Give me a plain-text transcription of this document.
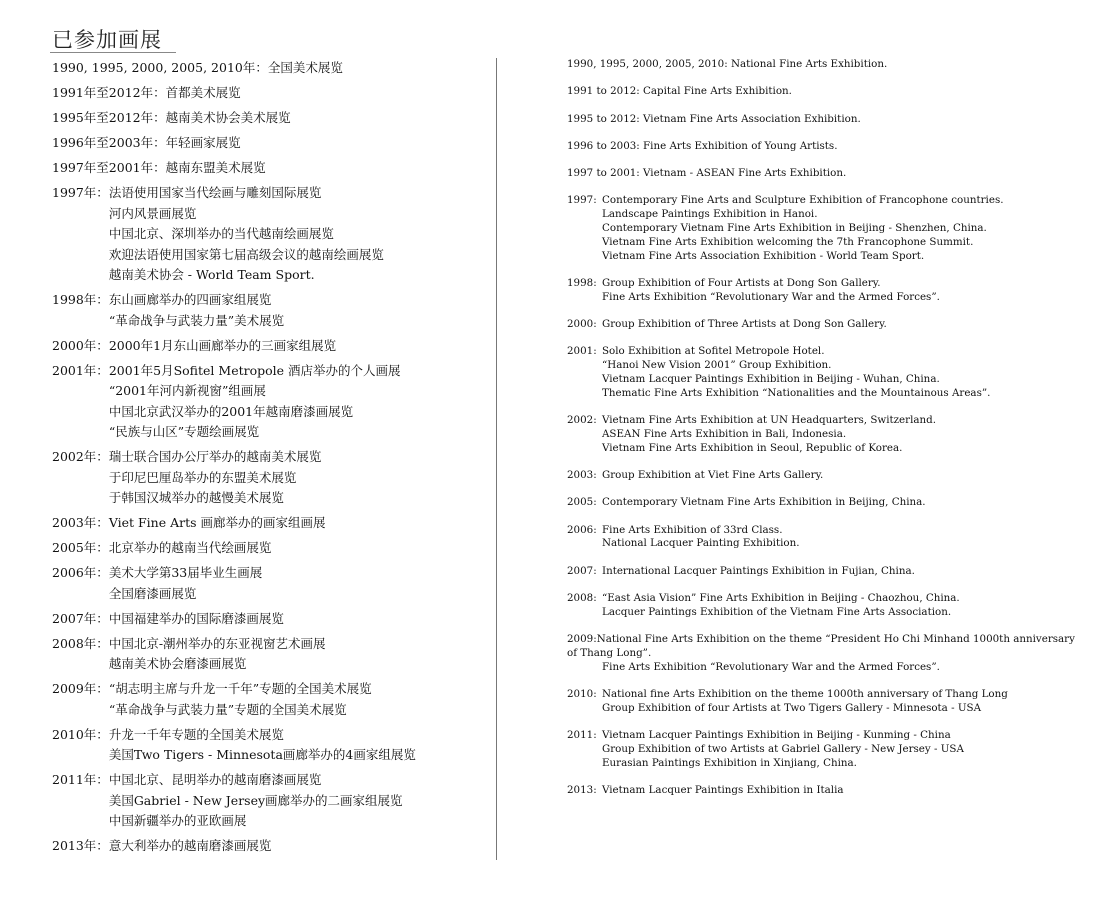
已参加画展
1990, 1995, 2000, 2005, 2010年： 全国美术展览
1991年至2012年： 首都美术展览
1995年至2012年： 越南美术协会美术展览
1996年至2003年： 年轻画家展览
1997年至2001年： 越南东盟美术展览
1997年： 法语使用国家当代绘画与雕刻国际展览
河内风景画展览
中国北京、深圳举办的当代越南绘画展览
欢迎法语使用国家第七届高级会议的越南绘画展览
越南美术协会 - World Team Sport.
1998年： 东山画廊举办的四画家组展览
“革命战争与武装力量”美术展览
2000年： 2000年1月东山画廊举办的三画家组展览
2001年： 2001年5月Sofitel Metropole 酒店举办的个人画展
“2001年河内新视窗”组画展
中国北京武汉举办的2001年越南磨漆画展览
“民族与山区”专题绘画展览
2002年： 瑞士联合国办公厅举办的越南美术展览
于印尼巴厘岛举办的东盟美术展览
于韩国汉城举办的越慢美术展览
2003年： Viet Fine Arts 画廊举办的画家组画展
2005年： 北京举办的越南当代绘画展览
2006年： 美术大学第33届毕业生画展
全国磨漆画展览
2007年： 中国福建举办的国际磨漆画展览
2008年： 中国北京-潮州举办的东亚视窗艺术画展
越南美术协会磨漆画展览
2009年： “胡志明主席与升龙一千年”专题的全国美术展览
“革命战争与武装力量”专题的全国美术展览
2010年： 升龙一千年专题的全国美术展览
美国Two Tigers - Minnesota画廊举办的4画家组展览
2011年： 中国北京、昆明举办的越南磨漆画展览
美国Gabriel - New Jersey画廊举办的二画家组展览
中国新疆举办的亚欧画展
2013年： 意大利举办的越南磨漆画展览
1990, 1995, 2000, 2005, 2010: National Fine Arts Exhibition.
1991 to 2012: Capital Fine Arts Exhibition.
1995 to 2012: Vietnam Fine Arts Association Exhibition.
1996 to 2003: Fine Arts Exhibition of Young Artists.
1997 to 2001: Vietnam - ASEAN Fine Arts Exhibition.
1997: Contemporary Fine Arts and Sculpture Exhibition of Francophone countries.
Landscape Paintings Exhibition in Hanoi.
Contemporary Vietnam Fine Arts Exhibition in Beijing - Shenzhen, China.
Vietnam Fine Arts Exhibition welcoming the 7th Francophone Summit.
Vietnam Fine Arts Association Exhibition - World Team Sport.
1998: Group Exhibition of Four Artists at Dong Son Gallery.
Fine Arts Exhibition “Revolutionary War and the Armed Forces”.
2000: Group Exhibition of Three Artists at Dong Son Gallery.
2001: Solo Exhibition at Sofitel Metropole Hotel.
“Hanoi New Vision 2001” Group Exhibition.
Vietnam Lacquer Paintings Exhibition in Beijing - Wuhan, China.
Thematic Fine Arts Exhibition “Nationalities and the Mountainous Areas”.
2002: Vietnam Fine Arts Exhibition at UN Headquarters, Switzerland.
ASEAN Fine Arts Exhibition in Bali, Indonesia.
Vietnam Fine Arts Exhibition in Seoul, Republic of Korea.
2003: Group Exhibition at Viet Fine Arts Gallery.
2005: Contemporary Vietnam Fine Arts Exhibition in Beijing, China.
2006: Fine Arts Exhibition of 33rd Class.
National Lacquer Painting Exhibition.
2007: International Lacquer Paintings Exhibition in Fujian, China.
2008: “East Asia Vision” Fine Arts Exhibition in Beijing - Chaozhou, China.
Lacquer Paintings Exhibition of the Vietnam Fine Arts Association.
2009:National Fine Arts Exhibition on the theme “President Ho Chi Minhand 1000th anniversary of Thang Long”.
Fine Arts Exhibition “Revolutionary War and the Armed Forces”.
2010: National fine Arts Exhibition on the theme 1000th anniversary of Thang Long
Group Exhibition of four Artists at Two Tigers Gallery - Minnesota - USA
2011: Vietnam Lacquer Paintings Exhibition in Beijing - Kunming - China
Group Exhibition of two Artists at Gabriel Gallery - New Jersey - USA
Eurasian Paintings Exhibition in Xinjiang, China.
2013: Vietnam Lacquer Paintings Exhibition in Italia
